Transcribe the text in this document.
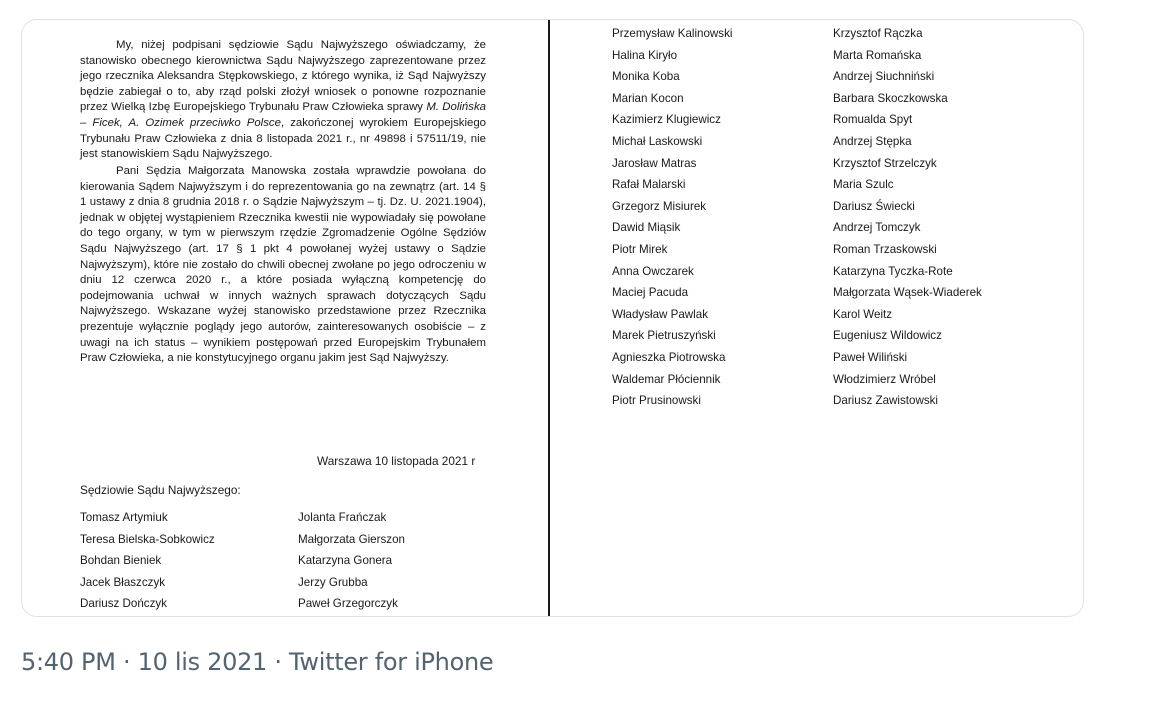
My, niżej podpisani sędziowie Sądu Najwyższego oświadczamy, że stanowisko obecnego kierownictwa Sądu Najwyższego zaprezentowane przez jego rzecznika Aleksandra Stępkowskiego, z którego wynika, iż Sąd Najwyższy będzie zabiegał o to, aby rząd polski złożył wniosek o ponowne rozpoznanie przez Wielką Izbę Europejskiego Trybunału Praw Człowieka sprawy M. Dolińska – Ficek, A. Ozimek przeciwko Polsce, zakończonej wyrokiem Europejskiego Trybunału Praw Człowieka z dnia 8 listopada 2021 r., nr 49898 i 57511/19, nie jest stanowiskiem Sądu Najwyższego.

Pani Sędzia Małgorzata Manowska została wprawdzie powołana do kierowania Sądem Najwyższym i do reprezentowania go na zewnątrz (art. 14 § 1 ustawy z dnia 8 grudnia 2018 r. o Sądzie Najwyższym – tj. Dz. U. 2021.1904), jednak w objętej wystąpieniem Rzecznika kwestii nie wypowiadały się powołane do tego organy, w tym w pierwszym rzędzie Zgromadzenie Ogólne Sędziów Sądu Najwyższego (art. 17 § 1 pkt 4 powołanej wyżej ustawy o Sądzie Najwyższym), które nie zostało do chwili obecnej zwołane po jego odroczeniu w dniu 12 czerwca 2020 r., a które posiada wyłączną kompetencję do podejmowania uchwał w innych ważnych sprawach dotyczących Sądu Najwyższego. Wskazane wyżej stanowisko przedstawione przez Rzecznika prezentuje wyłącznie poglądy jego autorów, zainteresowanych osobiście – z uwagi na ich status – wynikiem postępowań przed Europejskim Trybunałem Praw Człowieka, a nie konstytucyjnego organu jakim jest Sąd Najwyższy.

Warszawa 10 listopada 2021 r
Sędziowie Sądu Najwyższego:
Tomasz Artymiuk
Teresa Bielska-Sobkowicz
Bohdan Bieniek
Jacek Błaszczyk
Dariusz Dończyk
Jolanta Frańczak
Małgorzata Gierszon
Katarzyna Gonera
Jerzy Grubba
Paweł Grzegorczyk
Przemysław Kalinowski
Halina Kiryło
Monika Koba
Marian Kocon
Kazimierz Klugiewicz
Michał Laskowski
Jarosław Matras
Rafał Malarski
Grzegorz Misiurek
Dawid Miąsik
Piotr Mirek
Anna Owczarek
Maciej Pacuda
Władysław Pawlak
Marek Pietruszyński
Agnieszka Piotrowska
Waldemar Płóciennik
Piotr Prusinowski
Krzysztof Rączka
Marta Romańska
Andrzej Siuchniński
Barbara Skoczkowska
Romualda Spyt
Andrzej Stępka
Krzysztof Strzelczyk
Maria Szulc
Dariusz Świecki
Andrzej Tomczyk
Roman Trzaskowski
Katarzyna Tyczka-Rote
Małgorzata Wąsek-Wiaderek
Karol Weitz
Eugeniusz Wildowicz
Paweł Wiliński
Włodzimierz Wróbel
Dariusz Zawistowski
5:40 PM · 10 lis 2021 · Twitter for iPhone
